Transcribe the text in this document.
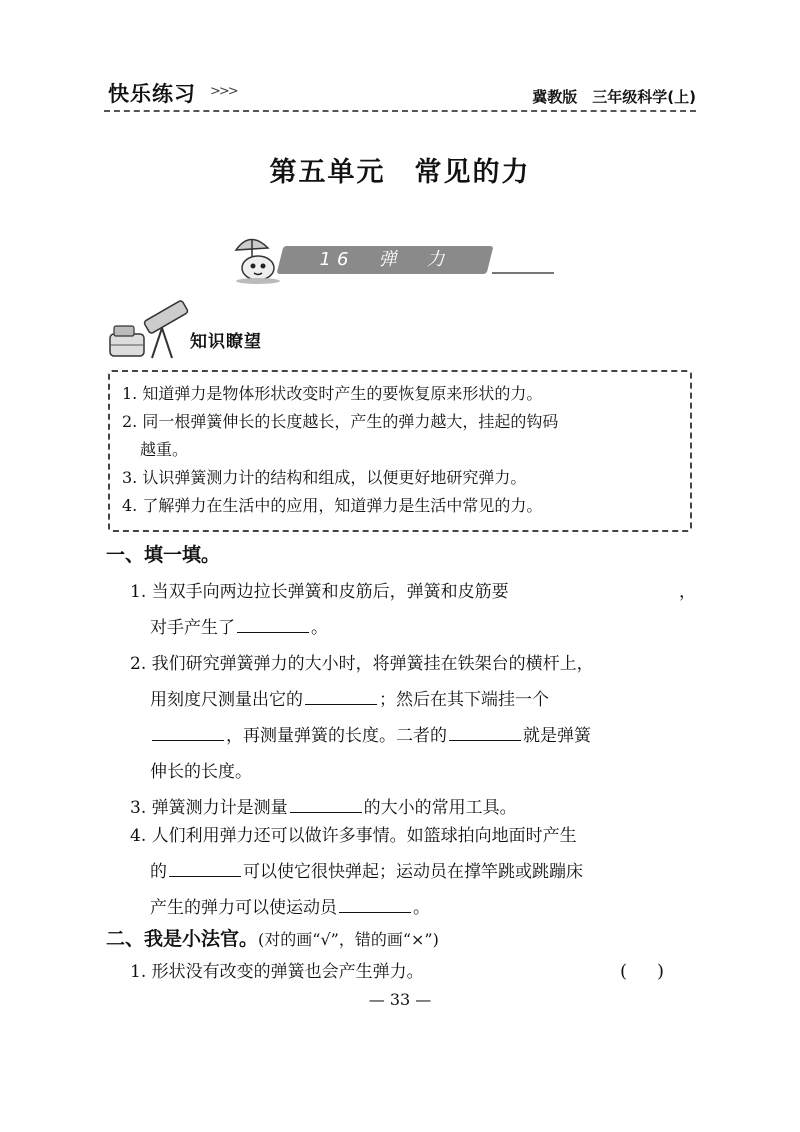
快乐练习 >>>	冀教版　三年级科学(上)
第五单元　常见的力
16　弹　力
知识瞭望
1. 知道弹力是物体形状改变时产生的要恢复原来形状的力。
2. 同一根弹簧伸长的长度越长，产生的弹力越大，挂起的钩码
越重。
3. 认识弹簧测力计的结构和组成，以便更好地研究弹力。
4. 了解弹力在生活中的应用，知道弹力是生活中常见的力。
一、填一填。
1. 当双手向两边拉长弹簧和皮筋后，弹簧和皮筋要	，
对手产生了	。
2. 我们研究弹簧弹力的大小时，将弹簧挂在铁架台的横杆上，
用刻度尺测量出它的	；然后在其下端挂一个
，再测量弹簧的长度。二者的	就是弹簧
伸长的长度。
3. 弹簧测力计是测量	的大小的常用工具。
4. 人们利用弹力还可以做许多事情。如篮球拍向地面时产生
的	可以使它很快弹起；运动员在撑竿跳或跳蹦床
产生的弹力可以使运动员	。
二、我是小法官。(对的画“√”，错的画“×”)
1. 形状没有改变的弹簧也会产生弹力。	()
— 33 —
